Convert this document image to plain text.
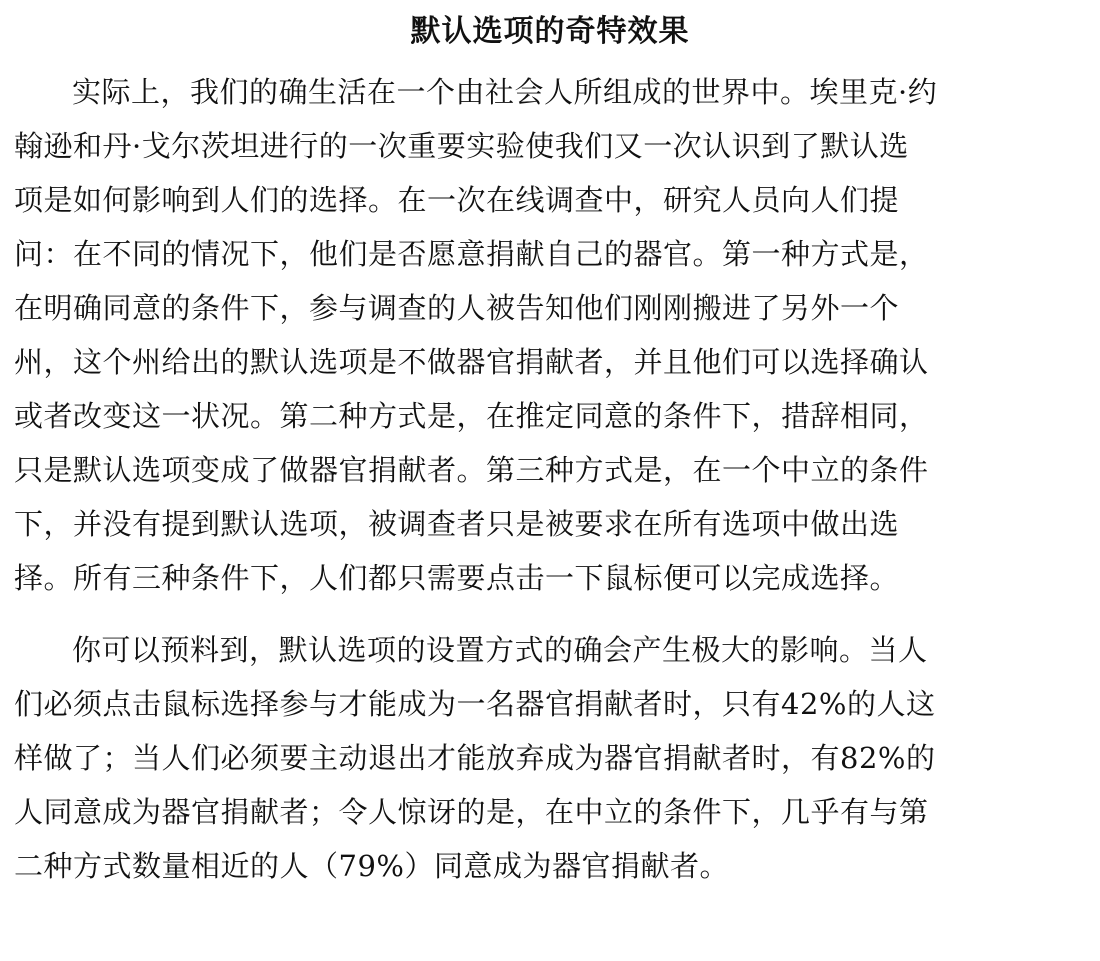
默认选项的奇特效果
实际上，我们的确生活在一个由社会人所组成的世界中。埃里克·约
翰逊和丹·戈尔茨坦进行的一次重要实验使我们又一次认识到了默认选
项是如何影响到人们的选择。在一次在线调查中，研究人员向人们提
问：在不同的情况下，他们是否愿意捐献自己的器官。第一种方式是，
在明确同意的条件下，参与调查的人被告知他们刚刚搬进了另外一个
州，这个州给出的默认选项是不做器官捐献者，并且他们可以选择确认
或者改变这一状况。第二种方式是，在推定同意的条件下，措辞相同，
只是默认选项变成了做器官捐献者。第三种方式是，在一个中立的条件
下，并没有提到默认选项，被调查者只是被要求在所有选项中做出选
择。所有三种条件下，人们都只需要点击一下鼠标便可以完成选择。
你可以预料到，默认选项的设置方式的确会产生极大的影响。当人
们必须点击鼠标选择参与才能成为一名器官捐献者时，只有42%的人这
样做了；当人们必须要主动退出才能放弃成为器官捐献者时，有82%的
人同意成为器官捐献者；令人惊讶的是，在中立的条件下，几乎有与第
二种方式数量相近的人（79%）同意成为器官捐献者。
